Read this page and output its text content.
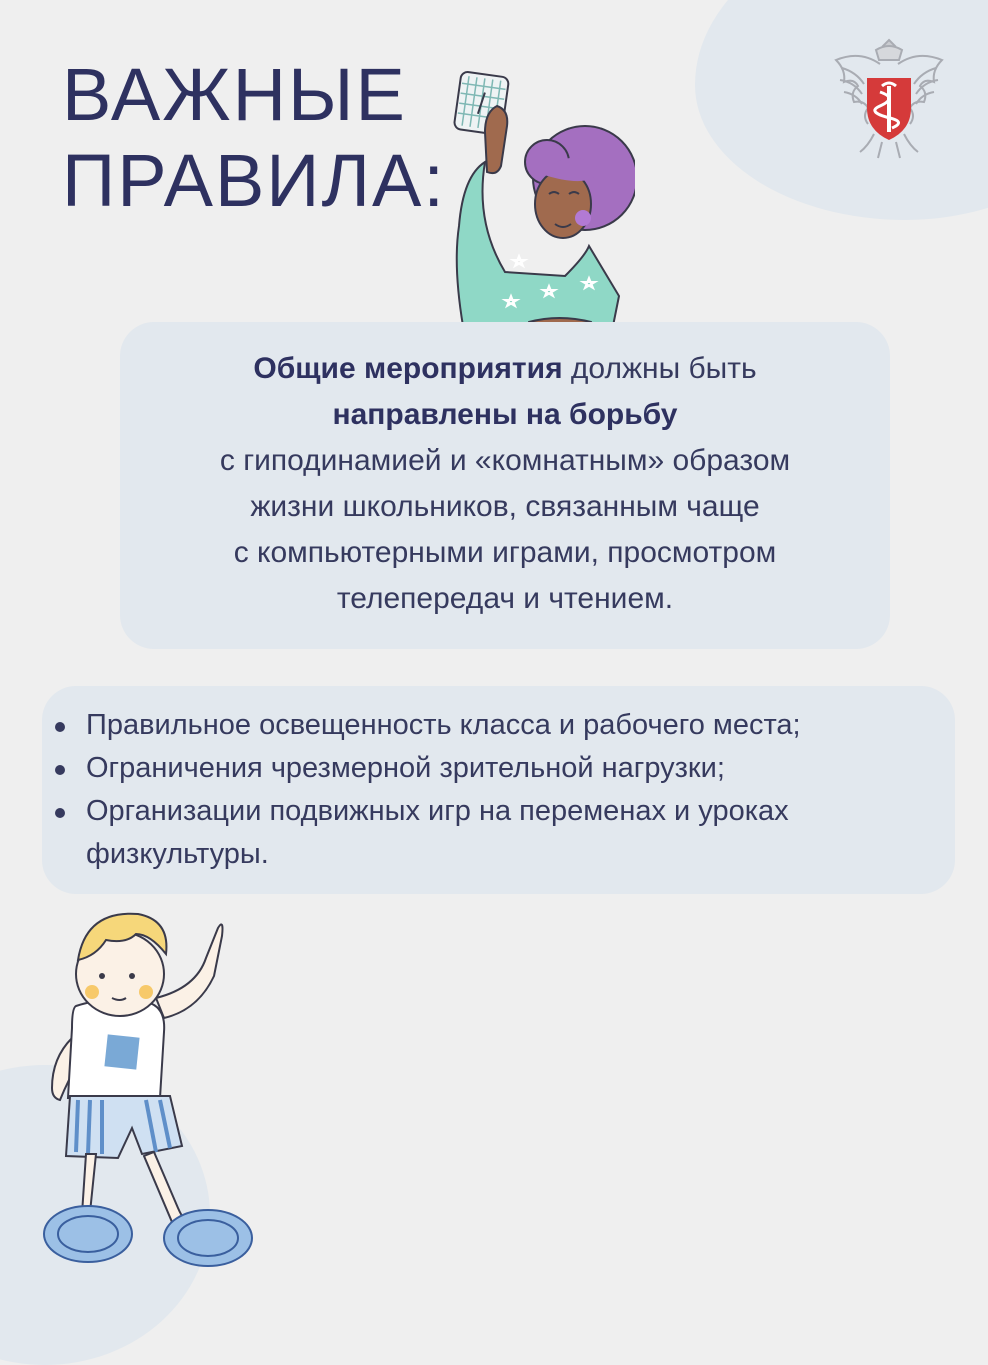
ВАЖНЫЕ
ПРАВИЛА:

Общие мероприятия должны быть

направлены на борьбу

с гиподинамией и «комнатным» образом

жизни школьников, связанным чаще

с компьютерными играми, просмотром

телепередач и чтением.

Правильное освещенность класса и рабочего места;
Ограничения чрезмерной зрительной нагрузки;
Организации подвижных игр на переменах и уроках физкультуры.
